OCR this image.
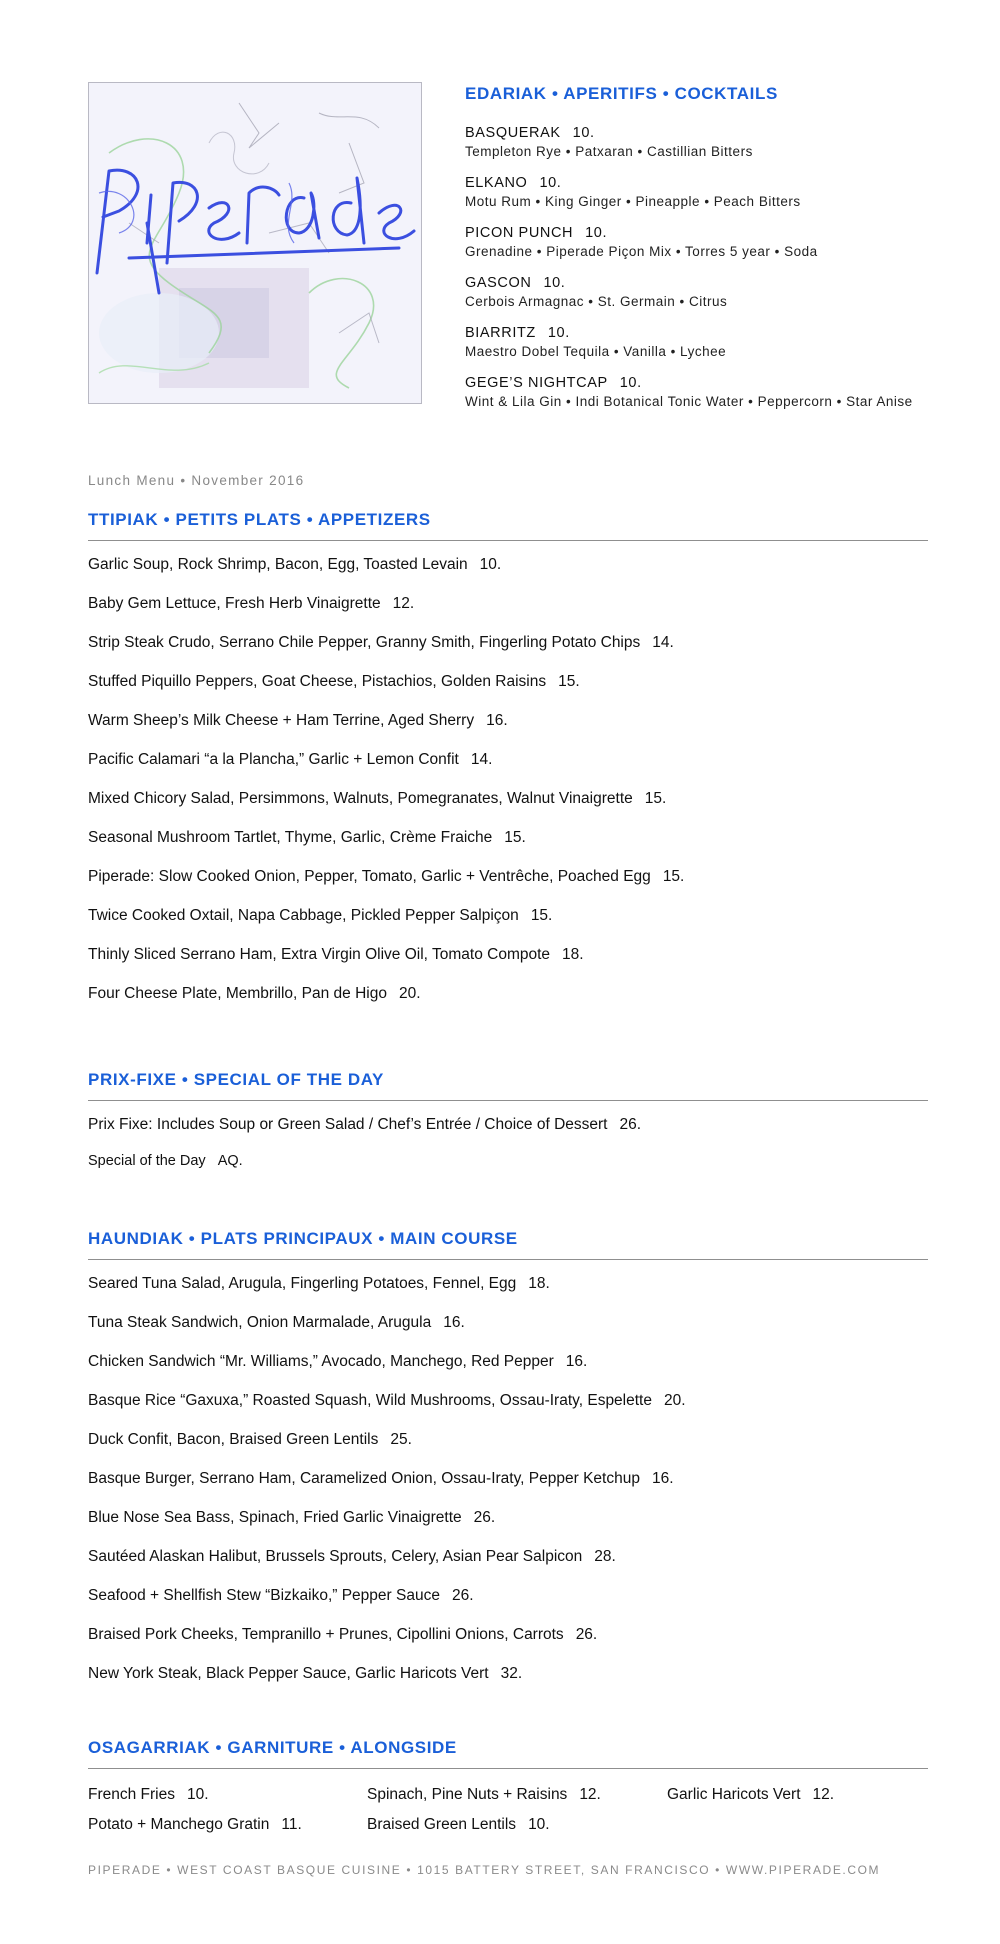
EDARIAK • APERITIFS • COCKTAILS
BASQUERAK 10.
Templeton Rye • Patxaran • Castillian Bitters
ELKANO 10.
Motu Rum • King Ginger • Pineapple • Peach Bitters
PICON PUNCH 10.
Grenadine • Piperade Piçon Mix • Torres 5 year • Soda
GASCON 10.
Cerbois Armagnac • St. Germain • Citrus
BIARRITZ 10.
Maestro Dobel Tequila • Vanilla • Lychee
GEGE’S NIGHTCAP 10.
Wint & Lila Gin • Indi Botanical Tonic Water • Peppercorn • Star Anise
Lunch Menu • November 2016
TTIPIAK • PETITS PLATS • APPETIZERS
Garlic Soup, Rock Shrimp, Bacon, Egg, Toasted Levain 10.
Baby Gem Lettuce, Fresh Herb Vinaigrette 12.
Strip Steak Crudo, Serrano Chile Pepper, Granny Smith, Fingerling Potato Chips 14.
Stuffed Piquillo Peppers, Goat Cheese, Pistachios, Golden Raisins 15.
Warm Sheep’s Milk Cheese + Ham Terrine, Aged Sherry 16.
Pacific Calamari “a la Plancha,” Garlic + Lemon Confit 14.
Mixed Chicory Salad, Persimmons, Walnuts, Pomegranates, Walnut Vinaigrette 15.
Seasonal Mushroom Tartlet, Thyme, Garlic, Crème Fraiche 15.
Piperade: Slow Cooked Onion, Pepper, Tomato, Garlic + Ventrêche, Poached Egg 15.
Twice Cooked Oxtail, Napa Cabbage, Pickled Pepper Salpiçon 15.
Thinly Sliced Serrano Ham, Extra Virgin Olive Oil, Tomato Compote 18.
Four Cheese Plate, Membrillo, Pan de Higo 20.
PRIX-FIXE • SPECIAL OF THE DAY
Prix Fixe: Includes Soup or Green Salad / Chef’s Entrée / Choice of Dessert 26.
Special of the Day AQ.
HAUNDIAK • PLATS PRINCIPAUX • MAIN COURSE
Seared Tuna Salad, Arugula, Fingerling Potatoes, Fennel, Egg 18.
Tuna Steak Sandwich, Onion Marmalade, Arugula 16.
Chicken Sandwich “Mr. Williams,” Avocado, Manchego, Red Pepper 16.
Basque Rice “Gaxuxa,” Roasted Squash, Wild Mushrooms, Ossau-Iraty, Espelette 20.
Duck Confit, Bacon, Braised Green Lentils 25.
Basque Burger, Serrano Ham, Caramelized Onion, Ossau-Iraty, Pepper Ketchup 16.
Blue Nose Sea Bass, Spinach, Fried Garlic Vinaigrette 26.
Sautéed Alaskan Halibut, Brussels Sprouts, Celery, Asian Pear Salpicon 28.
Seafood + Shellfish Stew “Bizkaiko,” Pepper Sauce 26.
Braised Pork Cheeks, Tempranillo + Prunes, Cipollini Onions, Carrots 26.
New York Steak, Black Pepper Sauce, Garlic Haricots Vert 32.
OSAGARRIAK • GARNITURE • ALONGSIDE
French Fries 10.	Spinach, Pine Nuts + Raisins 12.	Garlic Haricots Vert 12.
Potato + Manchego Gratin 11.	Braised Green Lentils 10.
PIPERADE • WEST COAST BASQUE CUISINE • 1015 BATTERY STREET, SAN FRANCISCO • WWW.PIPERADE.COM
